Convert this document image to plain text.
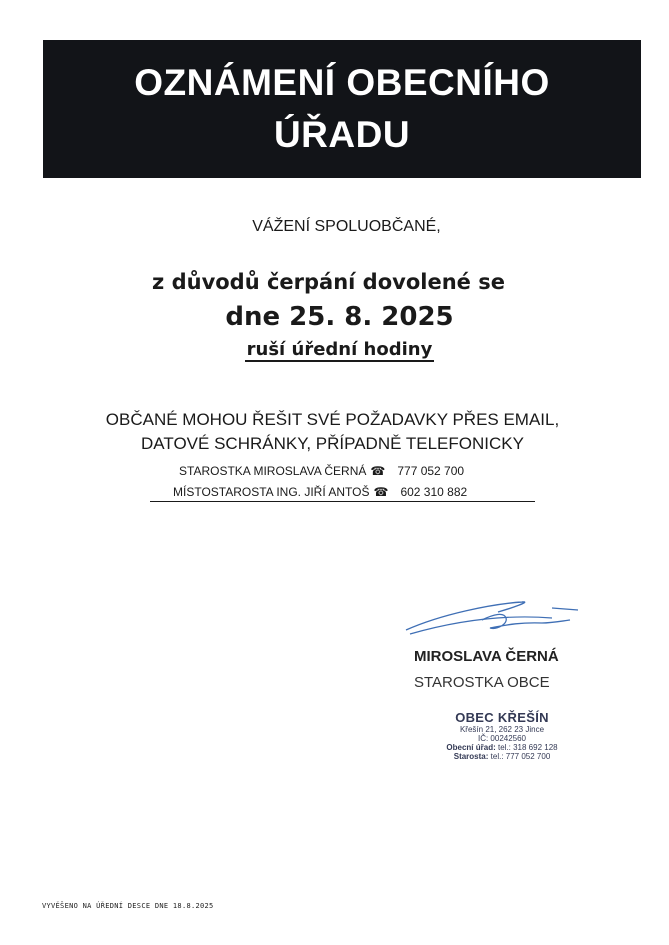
OZNÁMENÍ OBECNÍHO
ÚŘADU
VÁŽENÍ SPOLUOBČANÉ,
z důvodů čerpání dovolené se
dne 25. 8. 2025
ruší úřední hodiny
OBČANÉ MOHOU ŘEŠIT SVÉ POŽADAVKY PŘES EMAIL,
DATOVÉ SCHRÁNKY, PŘÍPADNĚ TELEFONICKY
STAROSTKA MIROSLAVA ČERNÁ ☎ 777 052 700
MÍSTOSTAROSTA ING. JIŘÍ ANTOŠ ☎ 602 310 882
MIROSLAVA ČERNÁ
STAROSTKA OBCE
OBEC KŘEŠÍN
Křešín 21, 262 23 Jince
IČ: 00242560
Obecní úřad: tel.: 318 692 128
Starosta: tel.: 777 052 700
VYVĚŠENO NA ÚŘEDNÍ DESCE DNE 18.8.2025
